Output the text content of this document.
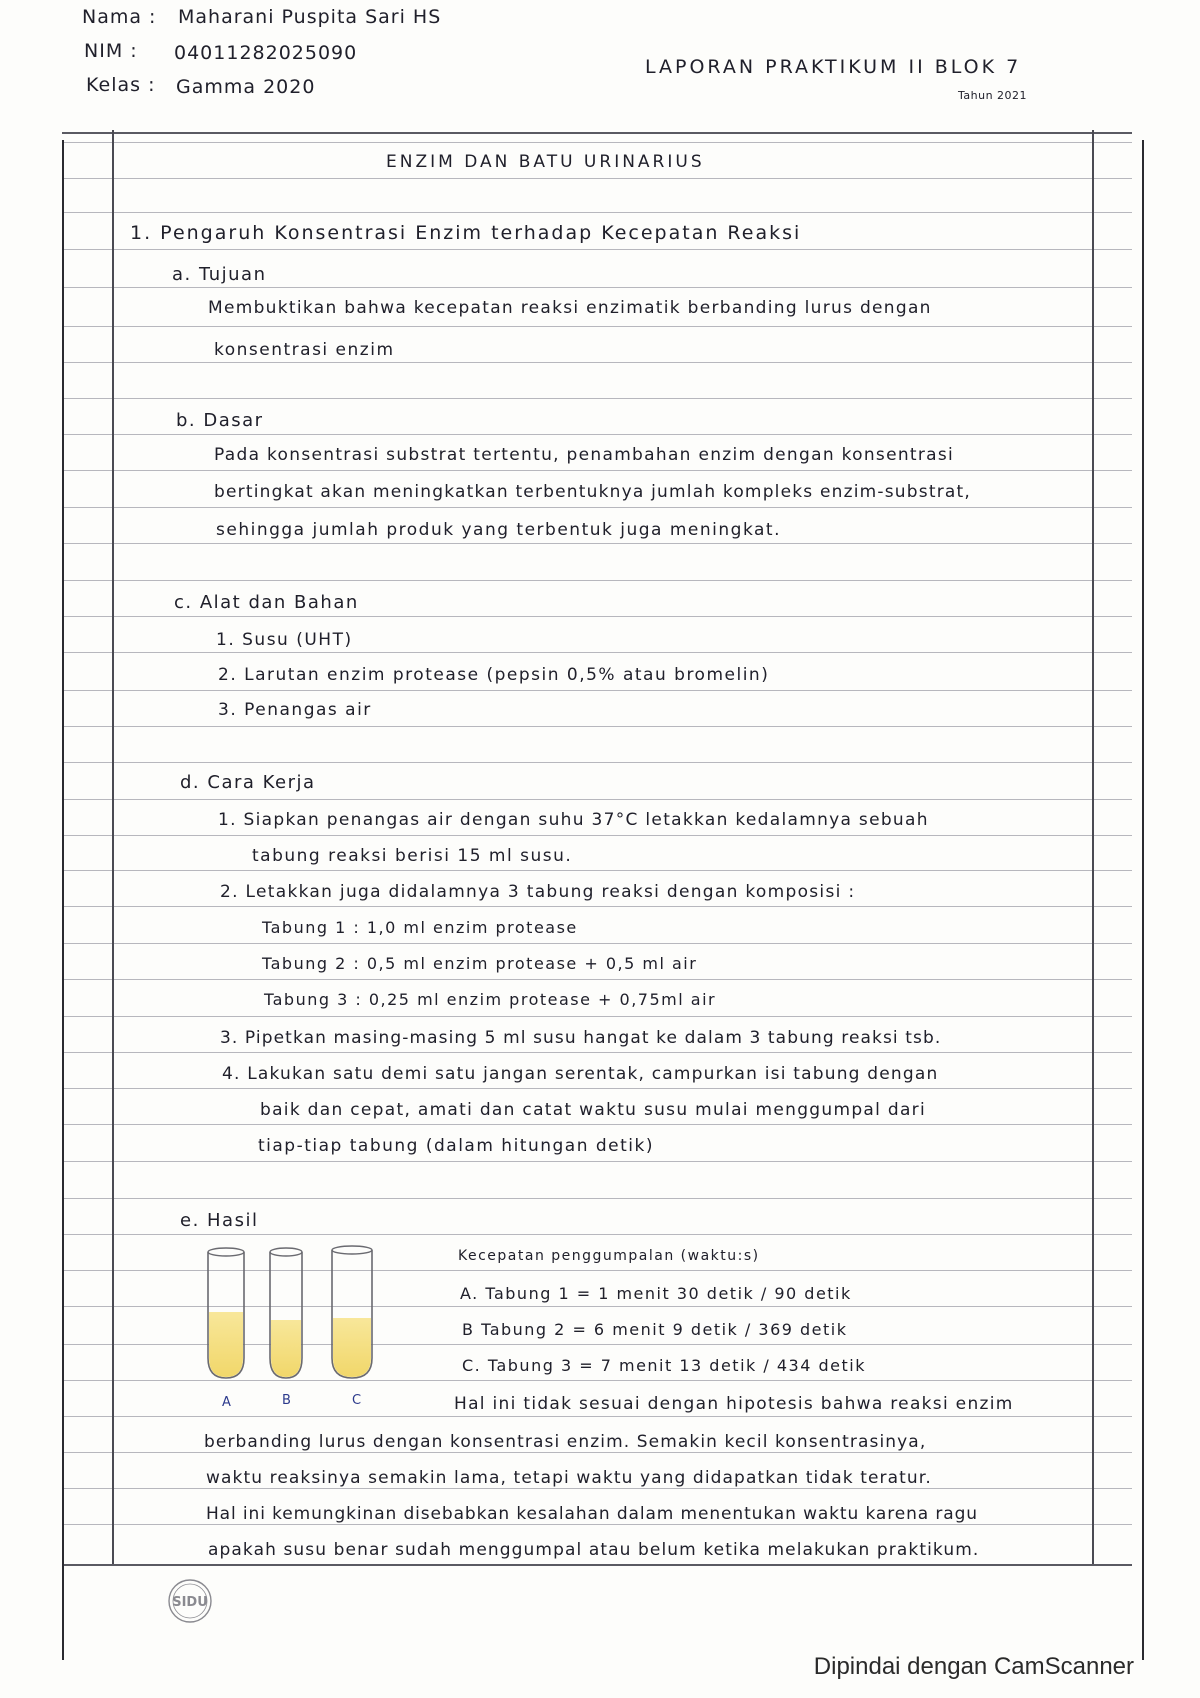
Nama : Maharani Puspita Sari HS
NIM : 04011282025090
Kelas : Gamma 2020
LAPORAN PRAKTIKUM II BLOK 7
Tahun 2021
ENZIM DAN BATU URINARIUS
1. Pengaruh Konsentrasi Enzim terhadap Kecepatan Reaksi
a. Tujuan
Membuktikan bahwa kecepatan reaksi enzimatik berbanding lurus dengan
konsentrasi enzim
b. Dasar
Pada konsentrasi substrat tertentu, penambahan enzim dengan konsentrasi
bertingkat akan meningkatkan terbentuknya jumlah kompleks enzim-substrat,
sehingga jumlah produk yang terbentuk juga meningkat.
c. Alat dan Bahan
1. Susu (UHT)
2. Larutan enzim protease (pepsin 0,5% atau bromelin)
3. Penangas air
d. Cara Kerja
1. Siapkan penangas air dengan suhu 37°C letakkan kedalamnya sebuah
tabung reaksi berisi 15 ml susu.
2. Letakkan juga didalamnya 3 tabung reaksi dengan komposisi :
Tabung 1 : 1,0 ml enzim protease
Tabung 2 : 0,5 ml enzim protease + 0,5 ml air
Tabung 3 : 0,25 ml enzim protease + 0,75ml air
3. Pipetkan masing-masing 5 ml susu hangat ke dalam 3 tabung reaksi tsb.
4. Lakukan satu demi satu jangan serentak, campurkan isi tabung dengan
baik dan cepat, amati dan catat waktu susu mulai menggumpal dari
tiap-tiap tabung (dalam hitungan detik)
e. Hasil
A	B	C
Kecepatan penggumpalan (waktu:s)
A. Tabung 1 = 1 menit 30 detik / 90 detik
B Tabung 2 = 6 menit 9 detik / 369 detik
C. Tabung 3 = 7 menit 13 detik / 434 detik
Hal ini tidak sesuai dengan hipotesis bahwa reaksi enzim
berbanding lurus dengan konsentrasi enzim. Semakin kecil konsentrasinya,
waktu reaksinya semakin lama, tetapi waktu yang didapatkan tidak teratur.
Hal ini kemungkinan disebabkan kesalahan dalam menentukan waktu karena ragu
apakah susu benar sudah menggumpal atau belum ketika melakukan praktikum.
SIDU
Dipindai dengan CamScanner
